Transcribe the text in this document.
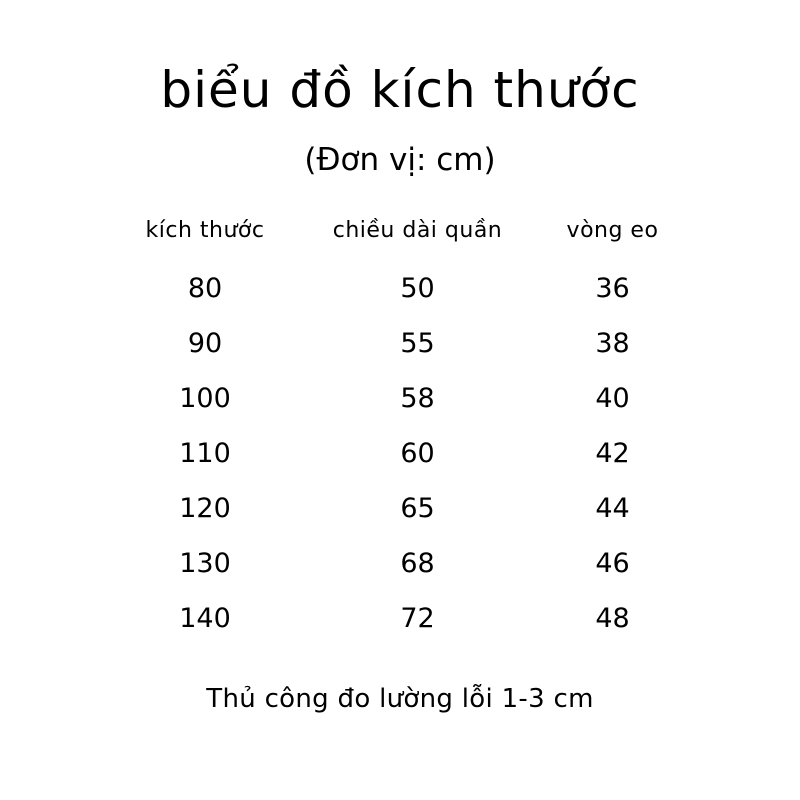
biểu đồ kích thước
(Đơn vị: cm)
kích thước	chiều dài quần	vòng eo
80	50	36
90	55	38
100	58	40
110	60	42
120	65	44
130	68	46
140	72	48
Thủ công đo lường lỗi 1-3 cm
